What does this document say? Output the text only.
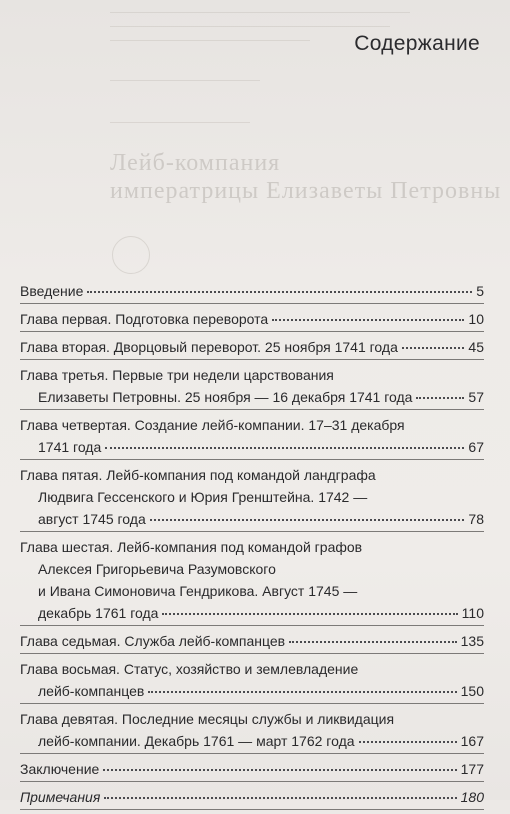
Лейб-компания
императрицы Елизаветы Петровны
Содержание
Введение	5
Глава первая. Подготовка переворота	10
Глава вторая. Дворцовый переворот. 25 ноября 1741 года	45
Глава третья. Первые три недели царствования
Елизаветы Петровны. 25 ноября — 16 декабря 1741 года	57
Глава четвертая. Создание лейб-компании. 17–31 декабря
1741 года	67
Глава пятая. Лейб-компания под командой ландграфа
Людвига Гессенского и Юрия Гренштейна. 1742 —
август 1745 года	78
Глава шестая. Лейб-компания под командой графов
Алексея Григорьевича Разумовского
и Ивана Симоновича Гендрикова. Август 1745 —
декабрь 1761 года	110
Глава седьмая. Служба лейб-компанцев	135
Глава восьмая. Статус, хозяйство и землевладение
лейб-компанцев	150
Глава девятая. Последние месяцы службы и ликвидация
лейб-компании. Декабрь 1761 — март 1762 года	167
Заключение	177
Примечания	180
